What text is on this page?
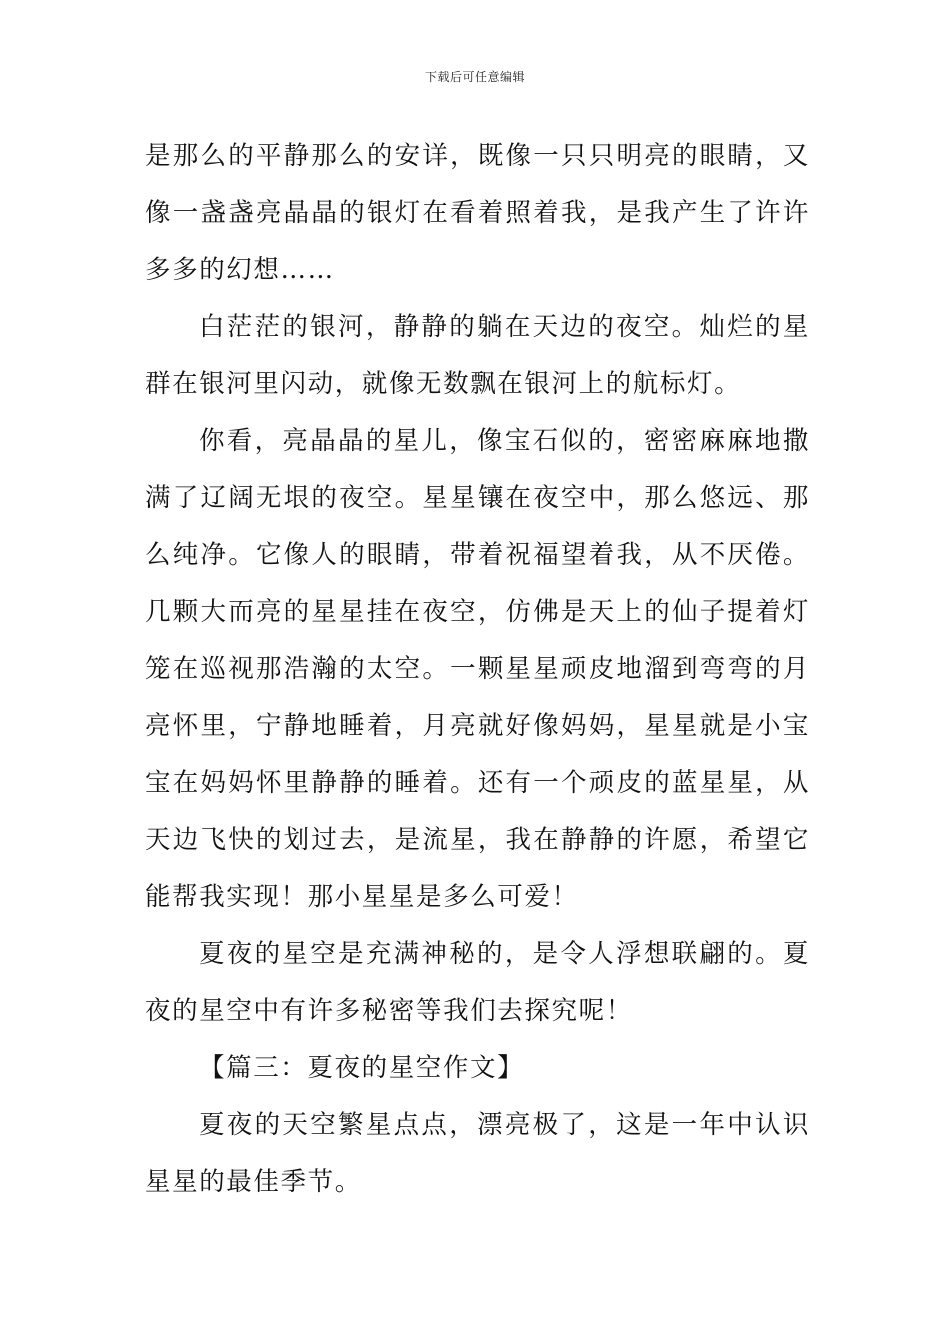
下载后可任意编辑

是那么的平静那么的安详，既像一只只明亮的眼睛，又像一盏盏亮晶晶的银灯在看着照着我，是我产生了许许多多的幻想……

白茫茫的银河，静静的躺在天边的夜空。灿烂的星群在银河里闪动，就像无数飘在银河上的航标灯。

你看，亮晶晶的星儿，像宝石似的，密密麻麻地撒满了辽阔无垠的夜空。星星镶在夜空中，那么悠远、那么纯净。它像人的眼睛，带着祝福望着我，从不厌倦。几颗大而亮的星星挂在夜空，仿佛是天上的仙子提着灯笼在巡视那浩瀚的太空。一颗星星顽皮地溜到弯弯的月亮怀里，宁静地睡着，月亮就好像妈妈，星星就是小宝宝在妈妈怀里静静的睡着。还有一个顽皮的蓝星星，从天边飞快的划过去，是流星，我在静静的许愿，希望它能帮我实现！那小星星是多么可爱！

夏夜的星空是充满神秘的，是令人浮想联翩的。夏夜的星空中有许多秘密等我们去探究呢！

【篇三：夏夜的星空作文】

夏夜的天空繁星点点，漂亮极了，这是一年中认识星星的最佳季节。
